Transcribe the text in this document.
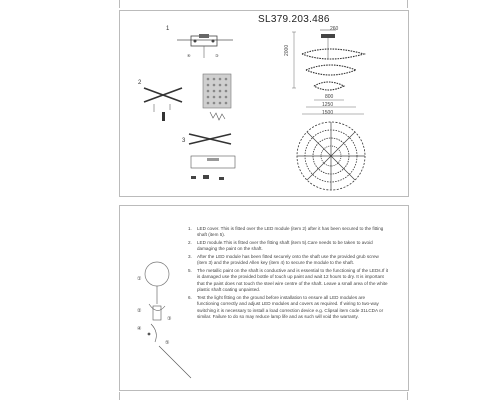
SL379.203.486
1
2
3
④	③
260
2000
800
1250
1500
①
②
③
④
⑤
1. LED cover. This is fitted over the LED module (item 2) after it has been secured to the fitting shaft (item 5).
2. LED module.This is fitted over the fitting shaft (item 5).Care needs to be taken to avoid damaging the paint on the shaft.
3. After the LED module has been fitted securely onto the shaft use the provided grub screw (item 3) and the provided Allen key (item 4) to secure the module to the shaft.
5. The metallic paint on the shaft is conductive and is essential to the functioning of the LEDs.If it is damaged use the provided bottle of touch up paint and wait 12 hours to dry. It is important that the paint does not touch the steel wire centre of the shaft. Leave a small area of the white plastic shaft coating unpainted.
6. Test the light fitting on the ground before installation to ensure all LED modules are functioning correctly and adjust LED modules and covers as required. If wiring to two-way switching it is necessary to install a load correction device e.g. Clipsal item code 31LCDA or similar. Failure to do so may reduce lamp life and as such will void the warranty.
